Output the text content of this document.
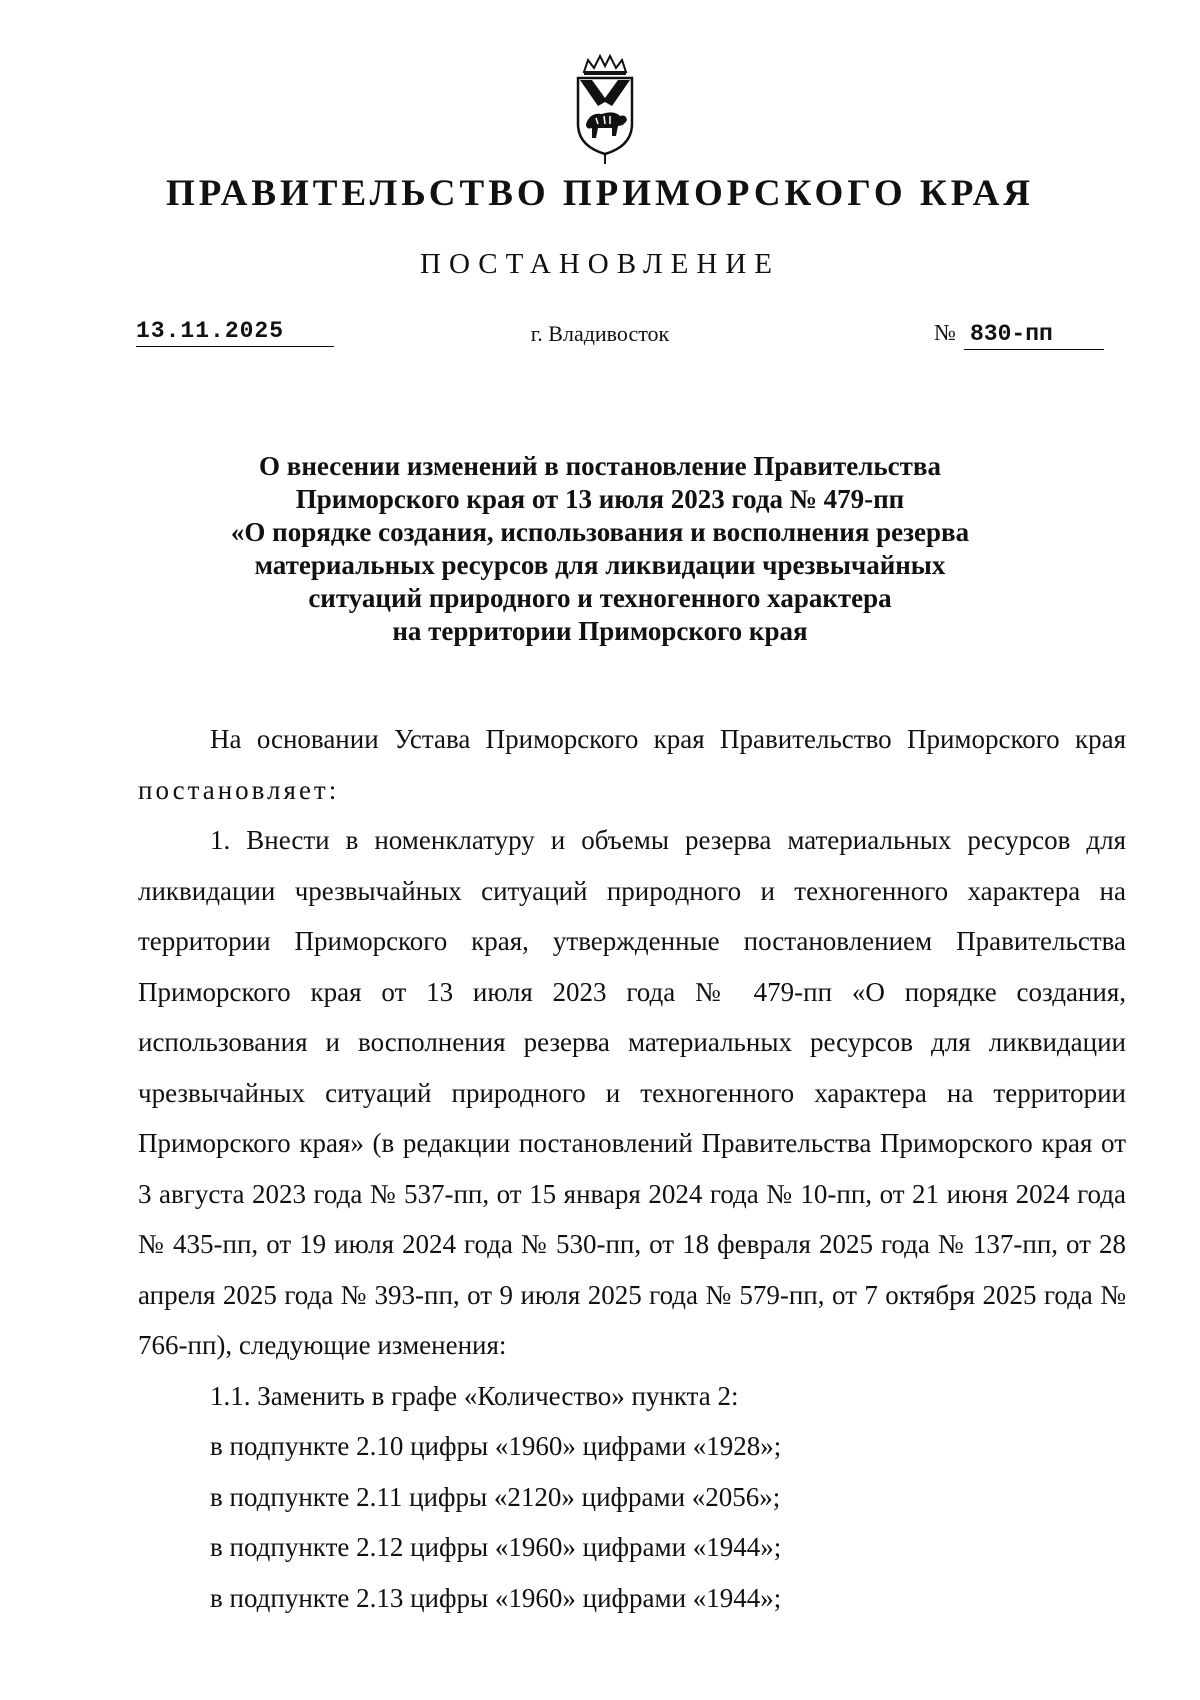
ПРАВИТЕЛЬСТВО ПРИМОРСКОГО КРАЯ
ПОСТАНОВЛЕНИЕ
13.11.2025	г. Владивосток	№ 830-пп
О внесении изменений в постановление Правительства
Приморского края от 13 июля 2023 года № 479-пп
«О порядке создания, использования и восполнения резерва
материальных ресурсов для ликвидации чрезвычайных
ситуаций природного и техногенного характера
на территории Приморского края

На основании Устава Приморского края Правительство Приморского края постановляет:

1. Внести в номенклатуру и объемы резерва материальных ресурсов для ликвидации чрезвычайных ситуаций природного и техногенного характера на территории Приморского края, утвержденные постановлением Правительства Приморского края от 13 июля 2023 года № 479-пп «О порядке создания, использования и восполнения резерва материальных ресурсов для ликвидации чрезвычайных ситуаций природного и техногенного характера на территории Приморского края» (в редакции постановлений Правительства Приморского края от 3 августа 2023 года № 537-пп, от 15 января 2024 года № 10-пп, от 21 июня 2024 года № 435-пп, от 19 июля 2024 года № 530-пп, от 18 февраля 2025 года № 137-пп, от 28 апреля 2025 года № 393-пп, от 9 июля 2025 года № 579-пп, от 7 октября 2025 года № 766-пп), следующие изменения:

1.1. Заменить в графе «Количество» пункта 2:

в подпункте 2.10 цифры «1960» цифрами «1928»;

в подпункте 2.11 цифры «2120» цифрами «2056»;

в подпункте 2.12 цифры «1960» цифрами «1944»;

в подпункте 2.13 цифры «1960» цифрами «1944»;
